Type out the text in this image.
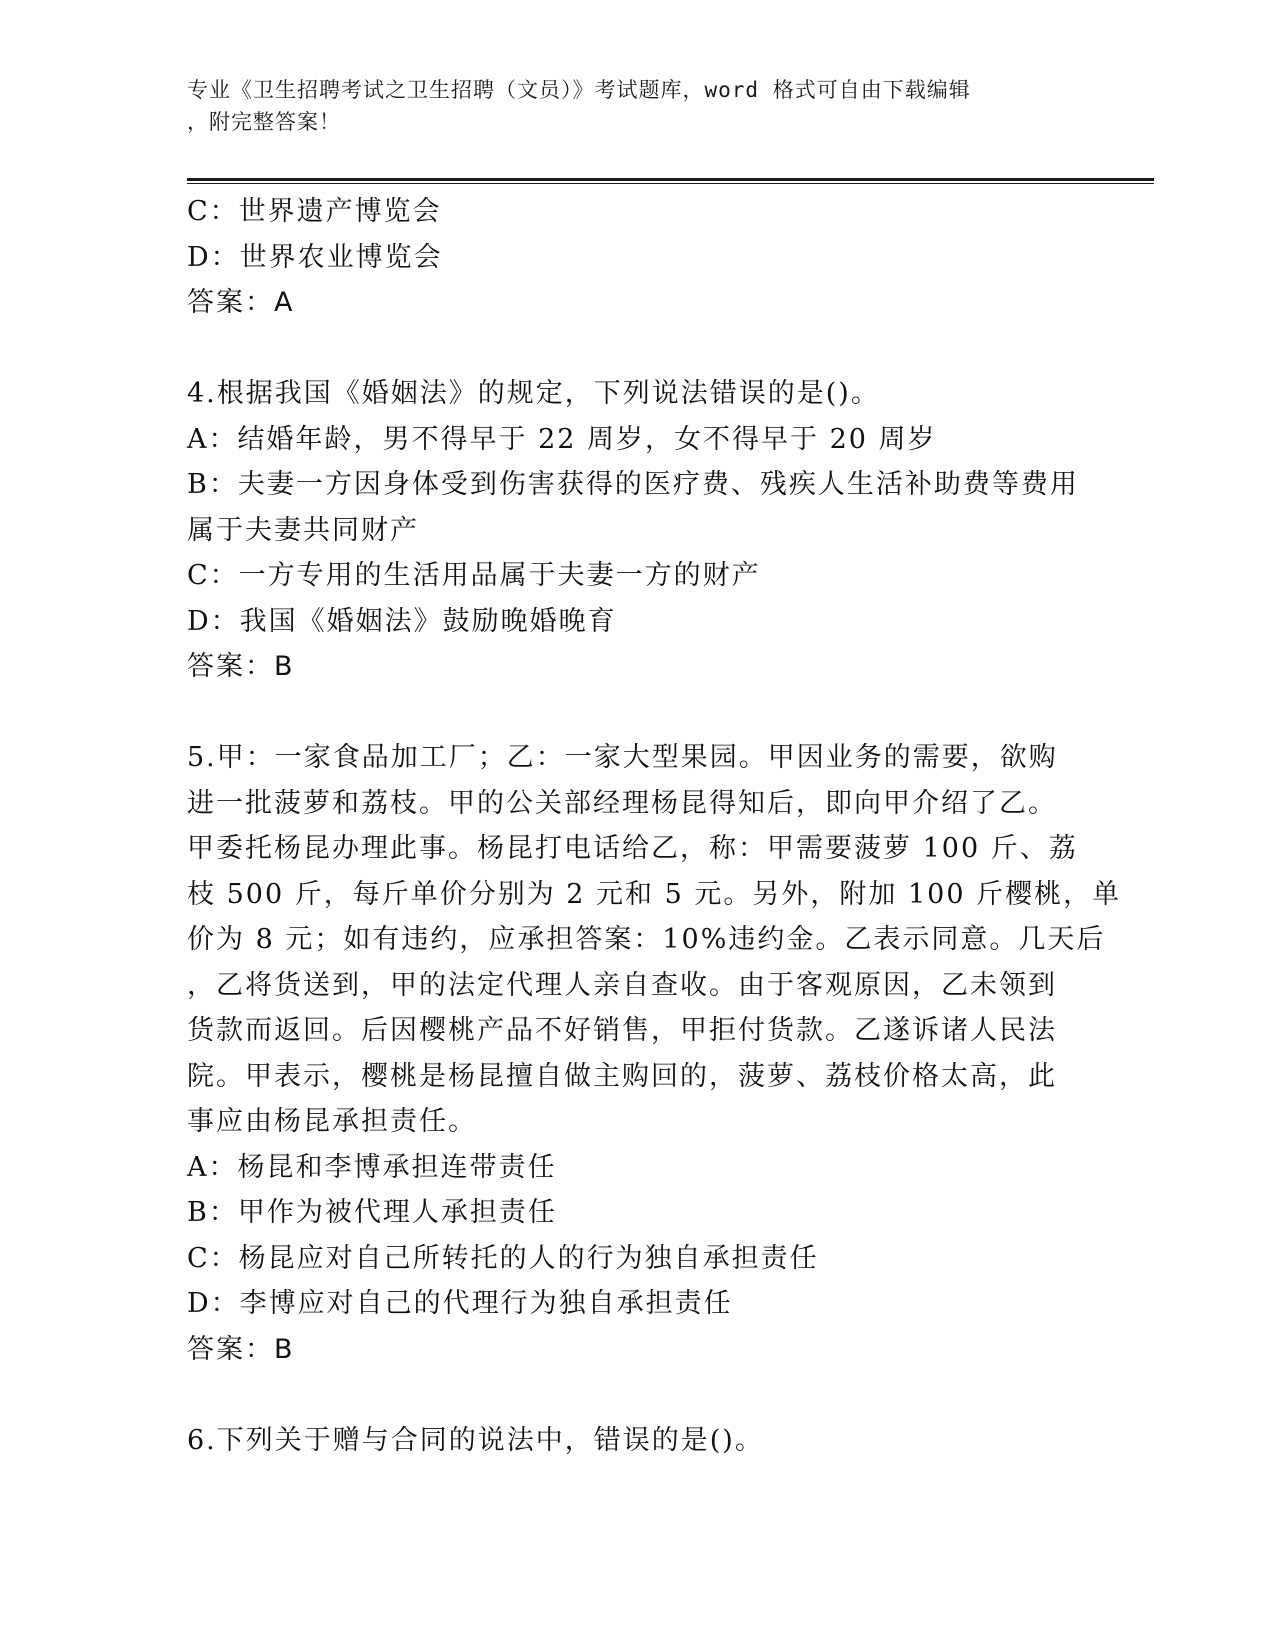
专业《卫生招聘考试之卫生招聘（文员）》考试题库，word 格式可自由下载编辑
，附完整答案！
C：世界遗产博览会
D：世界农业博览会
答案：A
4.根据我国《婚姻法》的规定，下列说法错误的是()。
A：结婚年龄，男不得早于 22 周岁，女不得早于 20 周岁
B：夫妻一方因身体受到伤害获得的医疗费、残疾人生活补助费等费用
属于夫妻共同财产
C：一方专用的生活用品属于夫妻一方的财产
D：我国《婚姻法》鼓励晚婚晚育
答案：B
5.甲：一家食品加工厂；乙：一家大型果园。甲因业务的需要，欲购
进一批菠萝和荔枝。甲的公关部经理杨昆得知后，即向甲介绍了乙。
甲委托杨昆办理此事。杨昆打电话给乙，称：甲需要菠萝 100 斤、荔
枝 500 斤，每斤单价分别为 2 元和 5 元。另外，附加 100 斤樱桃，单
价为 8 元；如有违约，应承担答案：10%违约金。乙表示同意。几天后
，乙将货送到，甲的法定代理人亲自查收。由于客观原因，乙未领到
货款而返回。后因樱桃产品不好销售，甲拒付货款。乙遂诉诸人民法
院。甲表示，樱桃是杨昆擅自做主购回的，菠萝、荔枝价格太高，此
事应由杨昆承担责任。
A：杨昆和李博承担连带责任
B：甲作为被代理人承担责任
C：杨昆应对自己所转托的人的行为独自承担责任
D：李博应对自己的代理行为独自承担责任
答案：B
6.下列关于赠与合同的说法中，错误的是()。
